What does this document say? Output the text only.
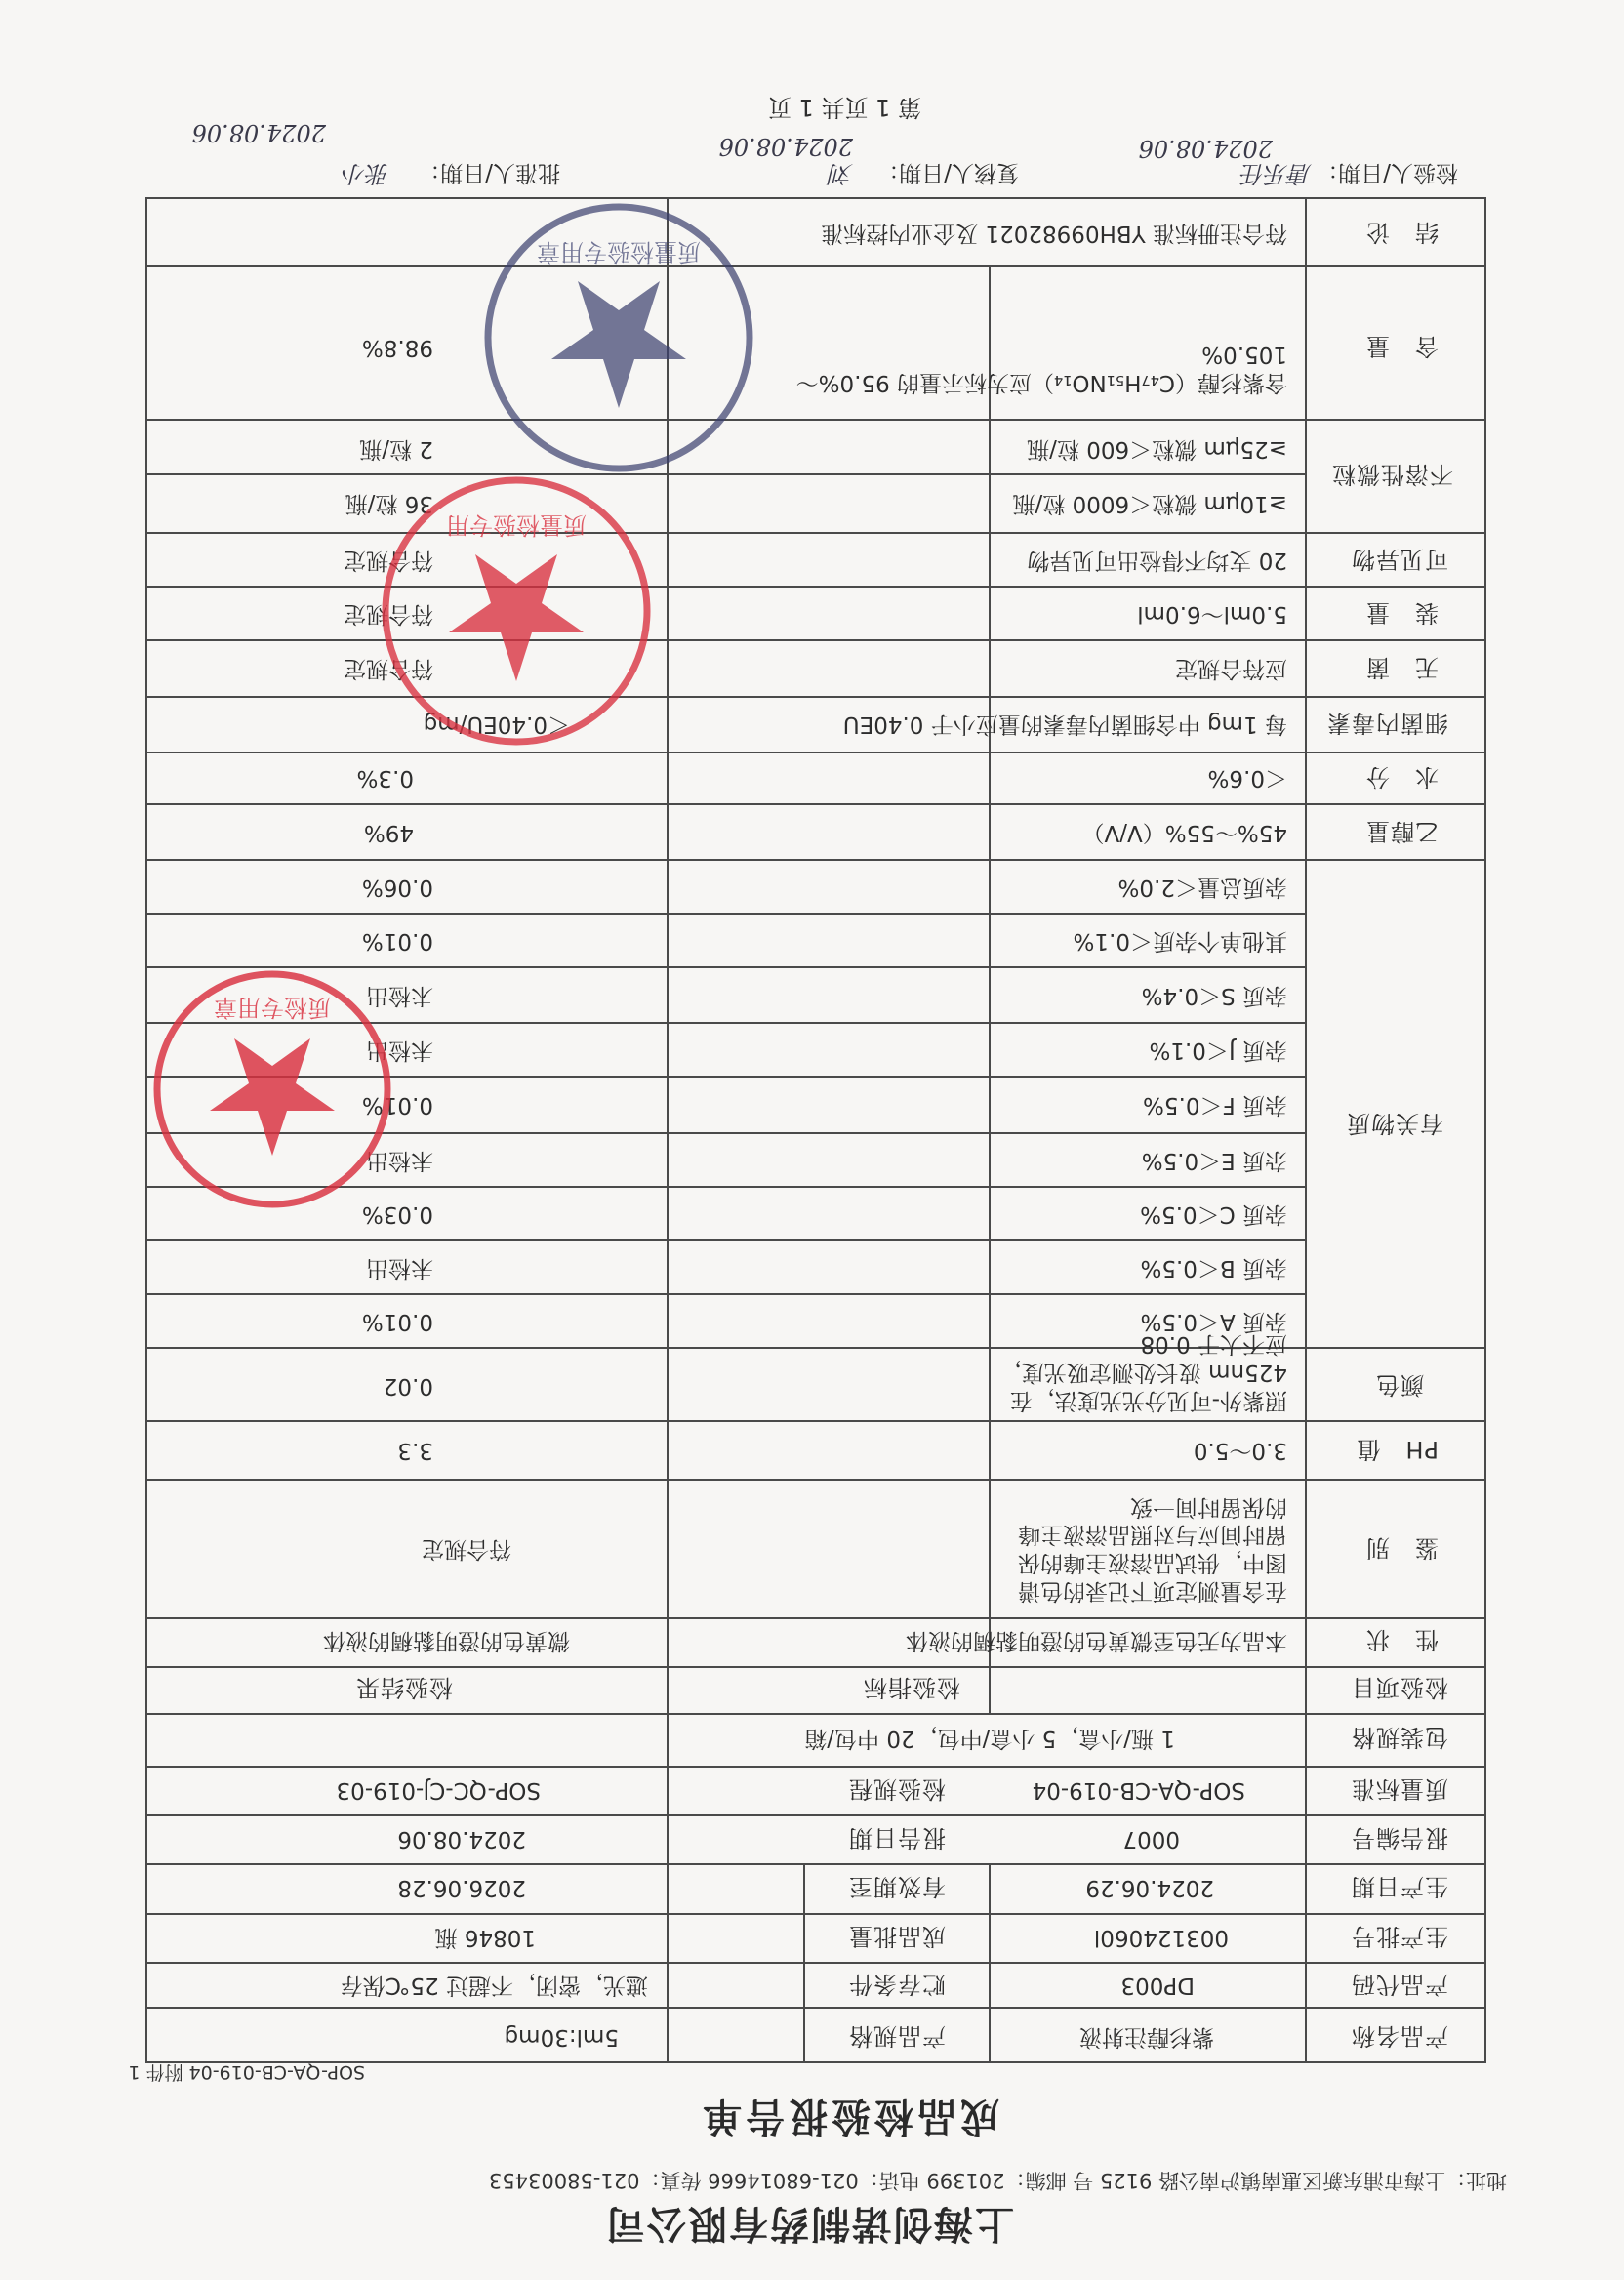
上海创诺制药有限公司
地址：上海市浦东新区惠南镇沪南公路 9125 号 邮编：201399 电话：021-68014666 传真：021-58003453
成品检验报告单
SOP-QA-CB-019-04 附件 1
产品名称
紫杉醇注射液
产品规格
5ml:30mg
产品代码
DP003
贮存条件
遮光，密闭，不超过 25℃保存
生产批号
003124060l
成品批量
10846 瓶
生产日期
2024.06.29
有效期至
2026.06.28
报告编号
0007
报告日期
2024.08.06
质量标准
SOP-QA-CB-019-04
检验规程
SOP-QC-CJ-019-03
包装规格
1 瓶/小盒，5 小盒/中包，20 中包/箱
检验项目
检验指标
检验结果
性　状
本品为无色至微黄色的澄明黏稠的液体
微黄色的澄明黏稠的液体
鉴　别
在含量测定项下记录的色谱图中，供试品溶液主峰的保留时间应与对照品溶液主峰的保留时间一致
符合规定
PH　值
3.0～5.0
3.3
颜色
照紫外-可见分光光度法，在 425nm 波长处测定吸光度，应不大于 0.08
0.02
有关物质
杂质 A＜0.5%
0.01%
杂质 B＜0.5%
未检出
杂质 C＜0.5%
0.03%
杂质 E＜0.5%
未检出
杂质 F＜0.5%
0.01%
杂质 J＜0.1%
未检出
杂质 S＜0.4%
未检出
其他单个杂质＜0.1%
0.01%
杂质总量＜2.0%
0.06%
乙醇量
45%～55%（V/V）
49%
水　分
＜0.6%
0.3%
细菌内毒素
每 1mg 中含细菌内毒素的量应小于 0.40EU
＜0.40EU/mg
无　菌
应符合规定
符合规定
装　量
5.0ml～6.0ml
符合规定
可见异物
20 支均不得检出可见异物
符合规定
不溶性微粒
≥10μm 微粒＜6000 粒/瓶
36 粒/瓶
≥25μm 微粒＜600 粒/瓶
2 粒/瓶
含　量
含紫杉醇（C₄₇H₅₁NO₁₄）应为标示量的 95.0%～105.0%
98.8%
结　论
符合注册标准 YBH09982021 及企业内控标准
检验人/日期：
唐乐任
2024.08.06
复核人/日期：
刘
2024.08.06
批准人/日期：
张小
2024.08.06
第 1 页共 1 页
质检专用章
质量检验专用
质量检验专用章
